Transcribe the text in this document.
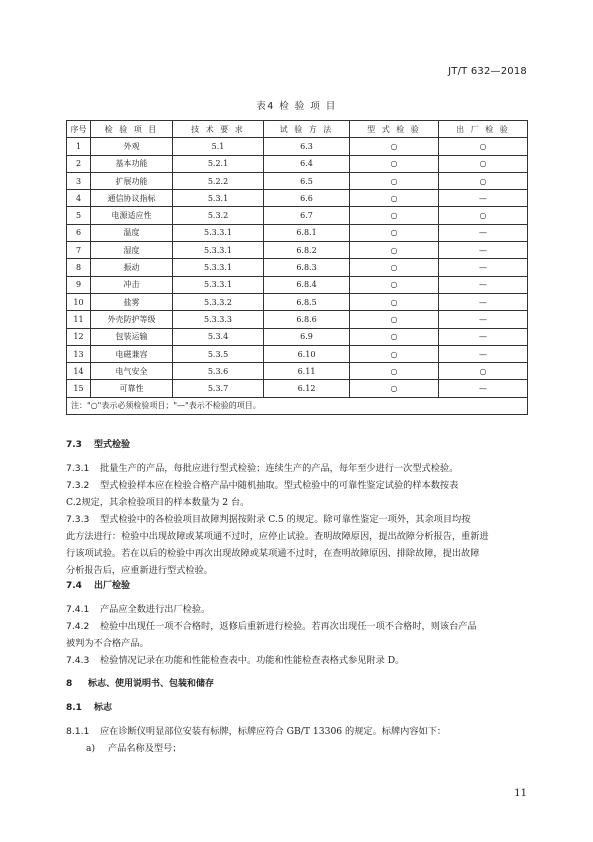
JT/T 632—2018
表4 检 验 项 目
序号	检 验 项 目	技 术 要 求	试 验 方 法	型 式 检 验	出 厂 检 验
1	外观	5.1	6.3	○	○
2	基本功能	5.2.1	6.4	○	○
3	扩展功能	5.2.2	6.5	○	○
4	通信协议指标	5.3.1	6.6	○	—
5	电源适应性	5.3.2	6.7	○	○
6	温度	5.3.3.1	6.8.1	○	—
7	湿度	5.3.3.1	6.8.2	○	—
8	振动	5.3.3.1	6.8.3	○	—
9	冲击	5.3.3.1	6.8.4	○	—
10	盐雾	5.3.3.2	6.8.5	○	—
11	外壳防护等级	5.3.3.3	6.8.6	○	—
12	包装运输	5.3.4	6.9	○	—
13	电磁兼容	5.3.5	6.10	○	—
14	电气安全	5.3.6	6.11	○	○
15	可靠性	5.3.7	6.12	○	—
注："○"表示必须检验项目；"—"表示不检验的项目。					
7.3 型式检验
7.3.1 批量生产的产品，每批应进行型式检验；连续生产的产品，每年至少进行一次型式检验。
7.3.2 型式检验样本应在检验合格产品中随机抽取。型式检验中的可靠性鉴定试验的样本数按表
C.2规定，其余检验项目的样本数量为 2 台。
7.3.3 型式检验中的各检验项目故障判据按附录 C.5 的规定。除可靠性鉴定一项外，其余项目均按
此方法进行：检验中出现故障或某项通不过时，应停止试验。查明故障原因，提出故障分析报告，重新进
行该项试验。若在以后的检验中再次出现故障或某项通不过时，在查明故障原因、排除故障，提出故障
分析报告后，应重新进行型式检验。
7.4 出厂检验
7.4.1 产品应全数进行出厂检验。
7.4.2 检验中出现任一项不合格时，返修后重新进行检验。若再次出现任一项不合格时，则该台产品
被判为不合格产品。
7.4.3 检验情况记录在功能和性能检查表中。功能和性能检查表格式参见附录 D。
8 标志、使用说明书、包装和储存
8.1 标志
8.1.1 应在诊断仪明显部位安装有标牌，标牌应符合 GB/T 13306 的规定。标牌内容如下：
a) 产品名称及型号；
11
